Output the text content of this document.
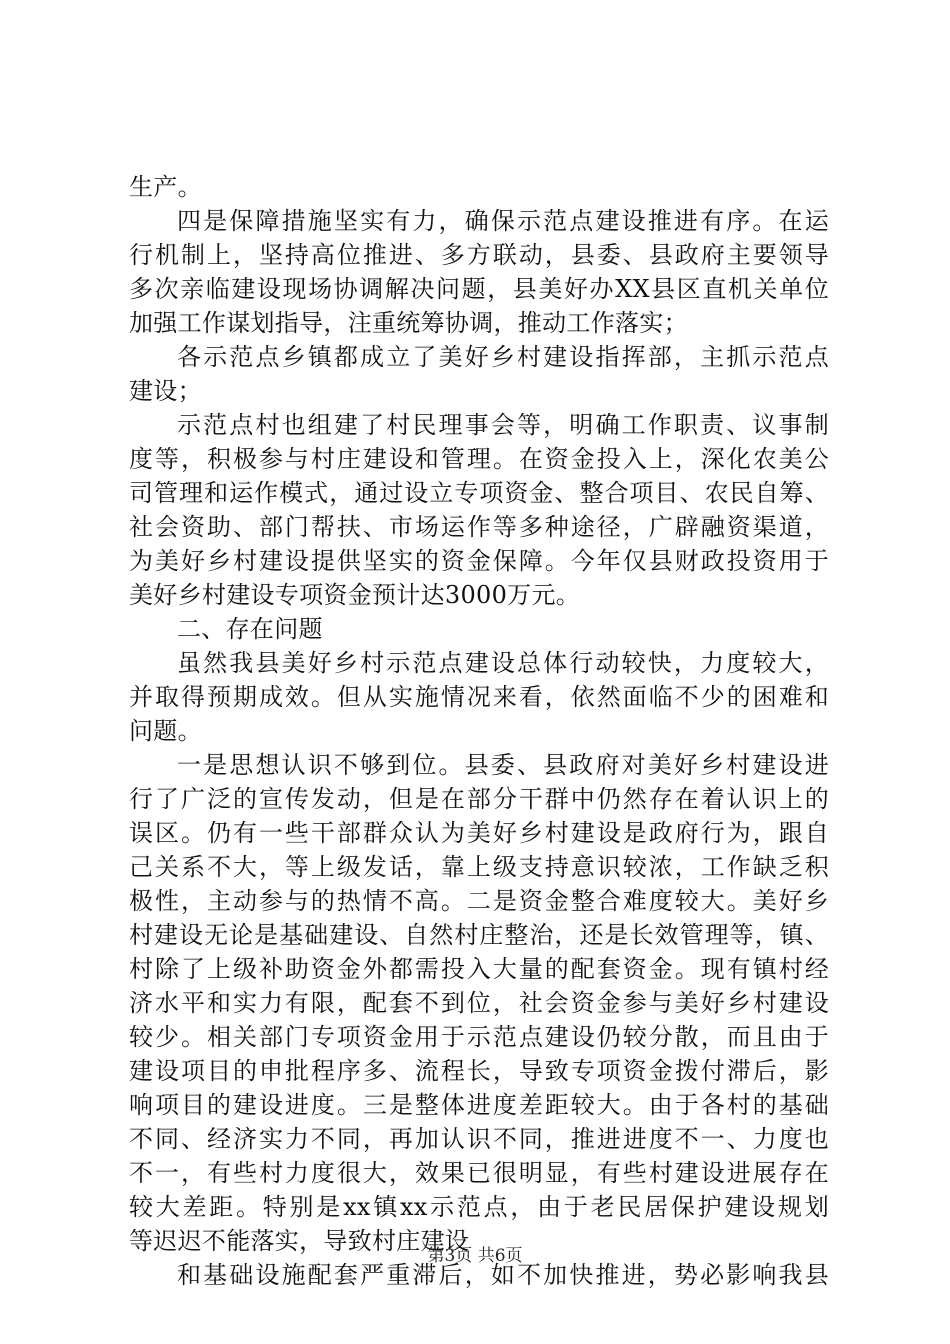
生产。
四是保障措施坚实有力，确保示范点建设推进有序。在运
行机制上，坚持高位推进、多方联动，县委、县政府主要领导
多次亲临建设现场协调解决问题，县美好办XX县区直机关单位
加强工作谋划指导，注重统筹协调，推动工作落实；
各示范点乡镇都成立了美好乡村建设指挥部，主抓示范点
建设；
示范点村也组建了村民理事会等，明确工作职责、议事制
度等，积极参与村庄建设和管理。在资金投入上，深化农美公
司管理和运作模式，通过设立专项资金、整合项目、农民自筹、
社会资助、部门帮扶、市场运作等多种途径，广辟融资渠道，
为美好乡村建设提供坚实的资金保障。今年仅县财政投资用于
美好乡村建设专项资金预计达3000万元。
二、存在问题
虽然我县美好乡村示范点建设总体行动较快，力度较大，
并取得预期成效。但从实施情况来看，依然面临不少的困难和
问题。
一是思想认识不够到位。县委、县政府对美好乡村建设进
行了广泛的宣传发动，但是在部分干群中仍然存在着认识上的
误区。仍有一些干部群众认为美好乡村建设是政府行为，跟自
己关系不大，等上级发话，靠上级支持意识较浓，工作缺乏积
极性，主动参与的热情不高。二是资金整合难度较大。美好乡
村建设无论是基础建设、自然村庄整治，还是长效管理等，镇、
村除了上级补助资金外都需投入大量的配套资金。现有镇村经
济水平和实力有限，配套不到位，社会资金参与美好乡村建设
较少。相关部门专项资金用于示范点建设仍较分散，而且由于
建设项目的申批程序多、流程长，导致专项资金拨付滞后，影
响项目的建设进度。三是整体进度差距较大。由于各村的基础
不同、经济实力不同，再加认识不同，推进进度不一、力度也
不一，有些村力度很大，效果已很明显，有些村建设进展存在
较大差距。特别是xx镇xx示范点，由于老民居保护建设规划
等迟迟不能落实，导致村庄建设
和基础设施配套严重滞后，如不加快推进，势必影响我县
第3页 共6页
